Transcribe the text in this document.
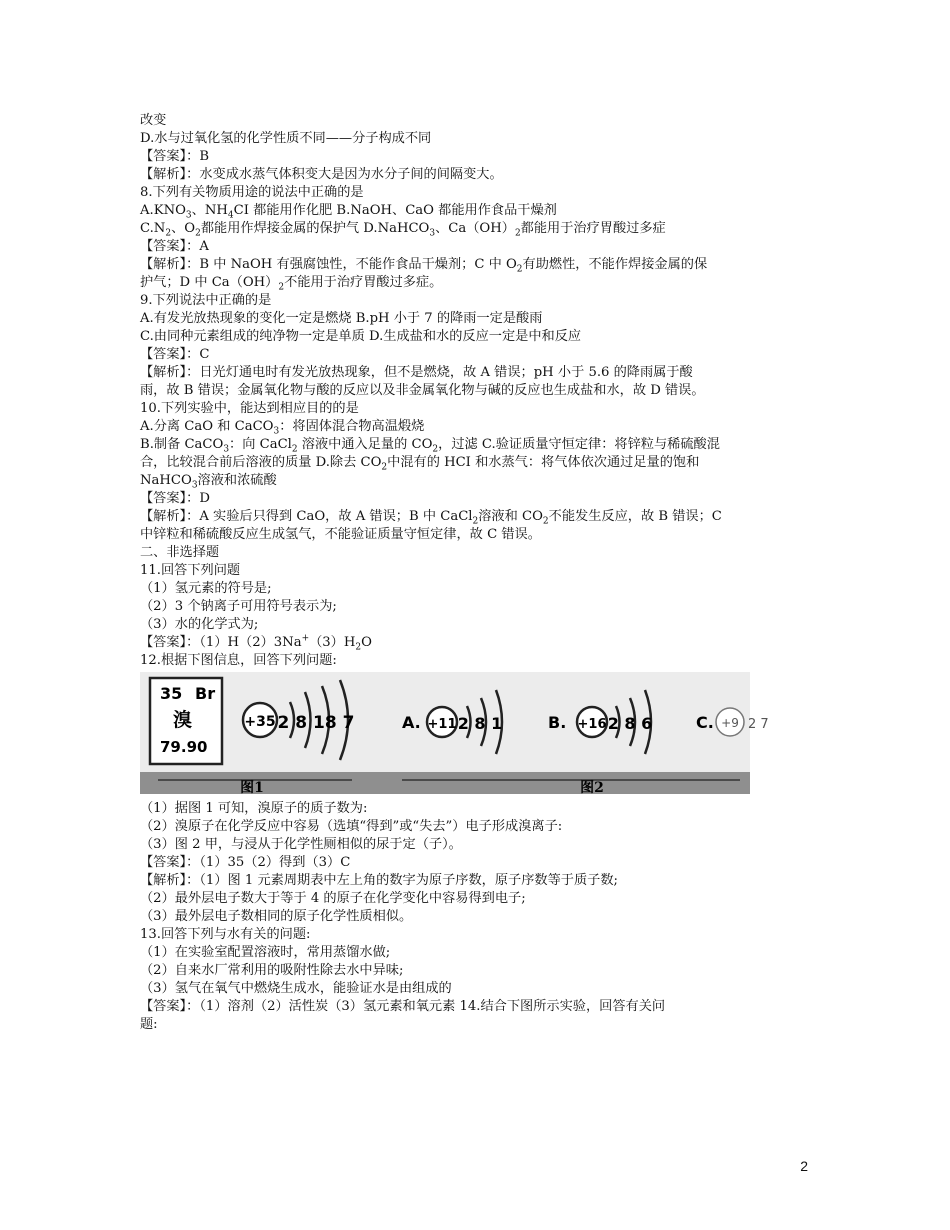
改变
D.水与过氧化氢的化学性质不同——分子构成不同
【答案】：B
【解析】：水变成水蒸气体积变大是因为水分子间的间隔变大。
8.下列有关物质用途的说法中正确的是
$A.KNO_3$、$NH_4CI$ 都能用作化肥 B.NaOH、CaO 都能用作食品干燥剂
$C.N_2$、$O_2$都能用作焊接金属的保护气 D.NaHCO$_3$、$Ca(OH)_2$都能用于治疗胃酸过多症
【答案】：A
【解析】：B 中 NaOH 有强腐蚀性，不能作食品干燥剂；C 中 $O_2$有助燃性，不能作焊接金属的保
护气；D 中 $Ca(OH)_2$不能用于治疗胃酸过多症。
9.下列说法中正确的是
A.有发光放热现象的变化一定是燃烧 B.pH 小于 7 的降雨一定是酸雨
C.由同种元素组成的纯净物一定是单质 D.生成盐和水的反应一定是中和反应
【答案】：C
【解析】：日光灯通电时有发光放热现象，但不是燃烧，故 A 错误；pH 小于 5.6 的降雨属于酸
雨，故 B 错误；金属氧化物与酸的反应以及非金属氧化物与碱的反应也生成盐和水，故 D 错误。
10.下列实验中，能达到相应目的的是
A.分离 CaO 和 CaCO$_3$：将固体混合物高温煅烧
B.制备 CaCO$_3$：向 CaCl$_2$ 溶液中通入足量的 $CO_2$，过滤 C.验证质量守恒定律：将锌粒与稀硫酸混
合，比较混合前后溶液的质量 D.除去 $CO_2$中混有的 HCI 和水蒸气：将气体依次通过足量的饱和
NaHCO$_3$溶液和浓硫酸
【答案】：D
【解析】：A 实验后只得到 CaO，故 A 错误；B 中 CaCl$_2$溶液和 $CO_2$不能发生反应，故 B 错误；C
中锌粒和稀硫酸反应生成氢气，不能验证质量守恒定律，故 C 错误。
二、非选择题
11.回答下列问题
（1）氢元素的符号是;
（2）3 个钠离子可用符号表示为;
（3）水的化学式为;
【答案】：$(1)H(2)3Na^+(3)H_2O$
12.根据下图信息，回答下列问题:
35 Br
溴
79.90
+35 2 8 18 7	A. +11 2 8 1	B. +16 2 8 6	C. +9 2 7
图1	图2
（1）据图 1 可知，溴原子的质子数为:
（2）溴原子在化学反应中容易（选填“得到”或“失去”）电子形成溴离子:
（3）图 2 甲，与浸从于化学性厕相似的尿于定（子）。
【答案】：（1）35（2）得到（3）C
【解析】：（1）图 1 元素周期表中左上角的数字为原子序数，原子序数等于质子数;
（2）最外层电子数大于等于 4 的原子在化学变化中容易得到电子;
（3）最外层电子数相同的原子化学性质相似。
13.回答下列与水有关的问题:
（1）在实验室配置溶液时，常用蒸馏水做;
（2）自来水厂常利用的吸附性除去水中异味;
（3）氢气在氧气中燃烧生成水，能验证水是由组成的
【答案】：（1）溶剂（2）活性炭（3）氢元素和氧元素 14.结合下图所示实验，回答有关问
题:
2
